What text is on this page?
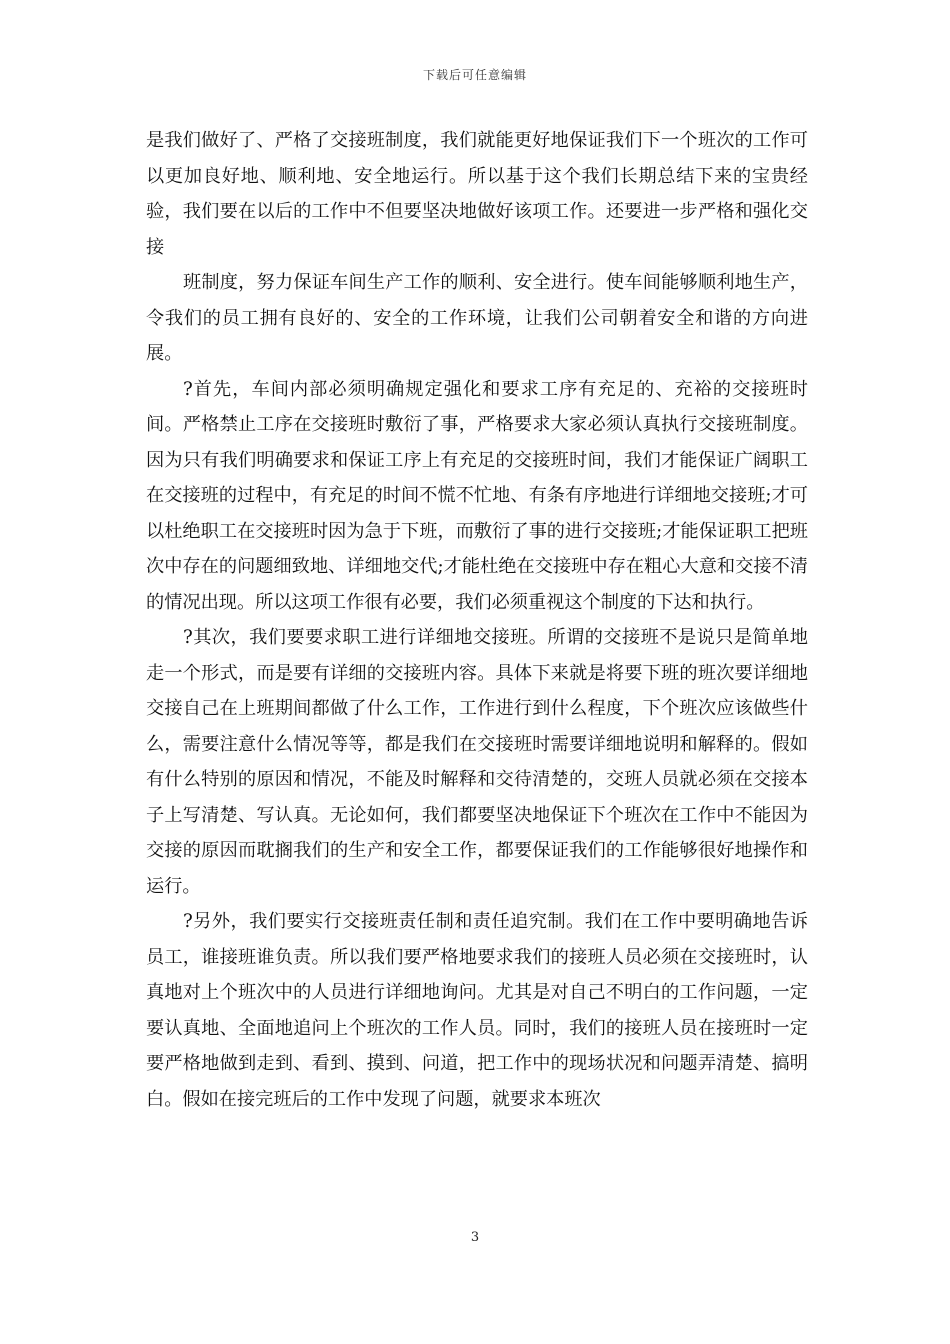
下载后可任意编辑

是我们做好了、严格了交接班制度，我们就能更好地保证我们下一个班次的工作可以更加良好地、顺利地、安全地运行。所以基于这个我们长期总结下来的宝贵经验，我们要在以后的工作中不但要坚决地做好该项工作。还要进一步严格和强化交接

班制度，努力保证车间生产工作的顺利、安全进行。使车间能够顺利地生产，令我们的员工拥有良好的、安全的工作环境，让我们公司朝着安全和谐的方向进展。

?首先，车间内部必须明确规定强化和要求工序有充足的、充裕的交接班时间。严格禁止工序在交接班时敷衍了事，严格要求大家必须认真执行交接班制度。因为只有我们明确要求和保证工序上有充足的交接班时间，我们才能保证广阔职工在交接班的过程中，有充足的时间不慌不忙地、有条有序地进行详细地交接班;才可以杜绝职工在交接班时因为急于下班，而敷衍了事的进行交接班;才能保证职工把班次中存在的问题细致地、详细地交代;才能杜绝在交接班中存在粗心大意和交接不清的情况出现。所以这项工作很有必要，我们必须重视这个制度的下达和执行。

?其次，我们要要求职工进行详细地交接班。所谓的交接班不是说只是简单地走一个形式，而是要有详细的交接班内容。具体下来就是将要下班的班次要详细地交接自己在上班期间都做了什么工作，工作进行到什么程度，下个班次应该做些什么，需要注意什么情况等等，都是我们在交接班时需要详细地说明和解释的。假如有什么特别的原因和情况，不能及时解释和交待清楚的，交班人员就必须在交接本子上写清楚、写认真。无论如何，我们都要坚决地保证下个班次在工作中不能因为交接的原因而耽搁我们的生产和安全工作，都要保证我们的工作能够很好地操作和运行。

?另外，我们要实行交接班责任制和责任追究制。我们在工作中要明确地告诉员工，谁接班谁负责。所以我们要严格地要求我们的接班人员必须在交接班时，认真地对上个班次中的人员进行详细地询问。尤其是对自己不明白的工作问题，一定要认真地、全面地追问上个班次的工作人员。同时，我们的接班人员在接班时一定要严格地做到走到、看到、摸到、问道，把工作中的现场状况和问题弄清楚、搞明白。假如在接完班后的工作中发现了问题，就要求本班次

3
